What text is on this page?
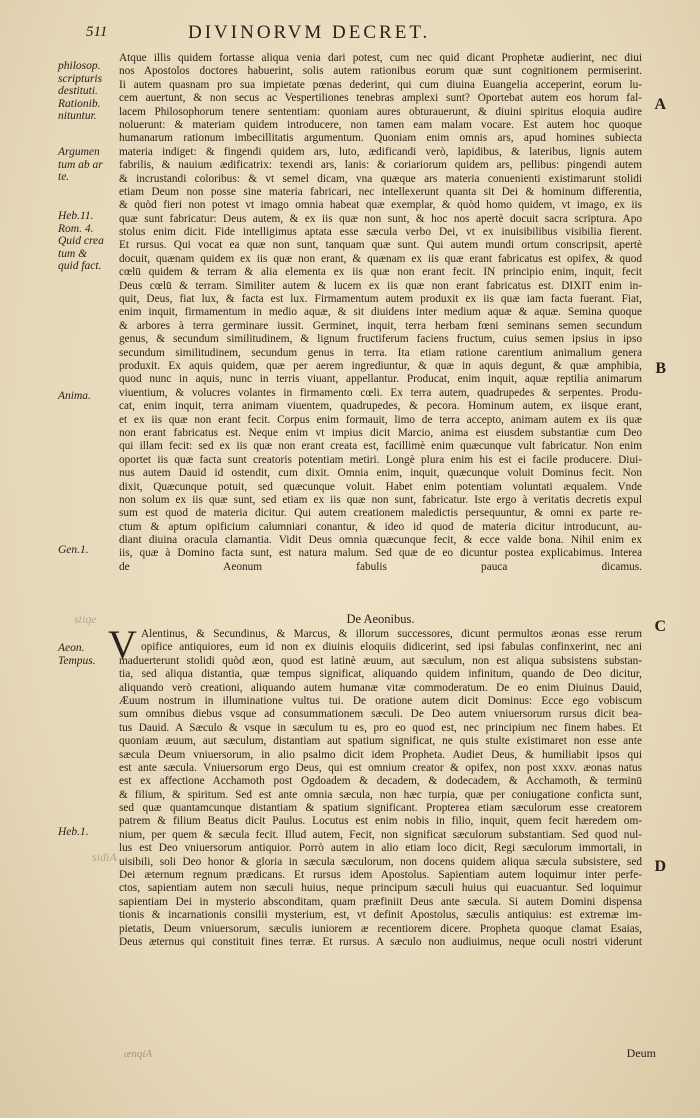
511	DIVINORVM DECRET.
philosop.
scripturis
destituti.
Rationib.
nituntur.
Argumen
tum ab ar
te.
Heb.11.
Rom. 4.
Quid crea
tum &
quid fact.
Anima.
Gen.1.
Aeon.
Tempus.
Heb.1.
A
B
C
D
stiqe
sidiA
Atque illis quidem fortasse aliqua venia dari potest, cum nec quid dicant Prophetæ audierint, nec diui
nos Apostolos doctores habuerint, solis autem rationibus eorum quæ sunt cognitionem permiserint.
Ii autem quasnam pro sua impietate pœnas dederint, qui cum diuina Euangelia acceperint, eorum lu-
cem auertunt, & non secus ac Vespertiliones tenebras amplexi sunt? Oportebat autem eos horum fal-
lacem Philosophorum tenere sententiam: quoniam aures obturauerunt, & diuini spiritus eloquia audire
noluerunt: & materiam quidem introducere, non tamen eam malam vocare. Est autem hoc quoque
humanarum rationum imbecillitatis argumentum. Quoniam enim omnis ars, apud homines subiecta
materia indiget: & fingendi quidem ars, luto, ædificandi verò, lapidibus, & lateribus, lignis autem
fabrilis, & nauium ædificatrix: texendi ars, lanis: & coriariorum quidem ars, pellibus: pingendi autem
& incrustandi coloribus: & vt semel dicam, vna quæque ars materia conuenienti existimarunt stolidi
etiam Deum non posse sine materia fabricari, nec intellexerunt quanta sit Dei & hominum differentia,
& quòd fieri non potest vt imago omnia habeat quæ exemplar, & quòd homo quidem, vt imago, ex iis
quæ sunt fabricatur: Deus autem, & ex iis quæ non sunt, & hoc nos apertè docuit sacra scriptura. Apo
stolus enim dicit. Fide intelligimus aptata esse sæcula verbo Dei, vt ex inuisibilibus visibilia fierent.
Et rursus. Qui vocat ea quæ non sunt, tanquam quæ sunt. Qui autem mundi ortum conscripsit, apertè
docuit, quænam quidem ex iis quæ non erant, & quænam ex iis quæ erant fabricatus est opifex, & quod
cœlū quidem & terram & alia elementa ex iis quæ non erant fecit. IN principio enim, inquit, fecit
Deus cœlū & terram. Similiter autem & lucem ex iis quæ non erant fabricatus est. DIXIT enim in-
quit, Deus, fiat lux, & facta est lux. Firmamentum autem produxit ex iis quæ iam facta fuerant. Fiat,
enim inquit, firmamentum in medio aquæ, & sit diuidens inter medium aquæ & aquæ. Semina quoque
& arbores à terra germinare iussit. Germinet, inquit, terra herbam fœni seminans semen secundum
genus, & secundum similitudinem, & lignum fructiferum faciens fructum, cuius semen ipsius in ipso
secundum similitudinem, secundum genus in terra. Ita etiam ratione carentium animalium genera
produxit. Ex aquis quidem, quæ per aerem ingrediuntur, & quæ in aquis degunt, & quæ amphibia,
quod nunc in aquis, nunc in terris viuant, appellantur. Producat, enim inquit, aquæ reptilia animarum
viuentium, & volucres volantes in firmamento cœli. Ex terra autem, quadrupedes & serpentes. Produ-
cat, enim inquit, terra animam viuentem, quadrupedes, & pecora. Hominum autem, ex iisque erant,
et ex iis quæ non erant fecit. Corpus enim formauit, limo de terra accepto, animam autem ex iis quæ
non erant fabricatus est. Neque enim vt impius dicit Marcio, anima est eiusdem substantiæ cum Deo
qui illam fecit: sed ex iis quæ non erant creata est, facillimè enim quæcunque vult fabricatur. Non enim
oportet iis quæ facta sunt creatoris potentiam metiri. Longè plura enim his est ei facile producere. Diui-
nus autem Dauid id ostendit, cum dixit. Omnia enim, inquit, quæcunque voluit Dominus fecit. Non
dixit, Quæcunque potuit, sed quæcunque voluit. Habet enim potentiam voluntati æqualem. Vnde
non solum ex iis quæ sunt, sed etiam ex iis quæ non sunt, fabricatur. Iste ergo à veritatis decretis expul
sum est quod de materia dicitur. Qui autem creationem maledictis persequuntur, & omni ex parte re-
ctum & aptum opificium calumniari conantur, & ideo id quod de materia dicitur introducunt, au-
diant diuina oracula clamantia. Vidit Deus omnia quæcunque fecit, & ecce valde bona. Nihil enim ex
iis, quæ à Domino facta sunt, est natura malum. Sed quæ de eo dicuntur postea explicabimus. Interea
de Aeonum fabulis pauca dicamus.
De Aeonibus.
V Alentinus, & Secundinus, & Marcus, & illorum successores, dicunt permultos æonas esse rerum
opifice antiquiores, eum id non ex diuinis eloquiis didicerint, sed ipsi fabulas confinxerint, nec ani
maduerterunt stolidi quòd æon, quod est latinè æuum, aut sæculum, non est aliqua subsistens substan-
tia, sed aliqua distantia, quæ tempus significat, aliquando quidem infinitum, quando de Deo dicitur,
aliquando verò creationi, aliquando autem humanæ vitæ commoderatum. De eo enim Diuinus Dauid,
Æuum nostrum in illuminatione vultus tui. De oratione autem dicit Dominus: Ecce ego vobiscum
sum omnibus diebus vsque ad consummationem sæculi. De Deo autem vniuersorum rursus dicit bea-
tus Dauid. A Sæculo & vsque in sæculum tu es, pro eo quod est, nec principium nec finem habes. Et
quoniam æuum, aut sæculum, distantiam aut spatium significat, ne quis stulte existimaret non esse ante
sæcula Deum vniuersorum, in alio psalmo dicit idem Propheta. Audiet Deus, & humiliabit ipsos qui
est ante sæcula. Vniuersorum ergo Deus, qui est omnium creator & opifex, non post xxxv. æonas natus
est ex affectione Acchamoth post Ogdoadem & decadem, & dodecadem, & Acchamoth, & terminū
& filium, & spiritum. Sed est ante omnia sæcula, non hæc turpia, quæ per coniugatione conficta sunt,
sed quæ quantamcunque distantiam & spatium significant. Propterea etiam sæculorum esse creatorem
patrem & filium Beatus dicit Paulus. Locutus est enim nobis in filio, inquit, quem fecit hæredem om-
nium, per quem & sæcula fecit. Illud autem, Fecit, non significat sæculorum substantiam. Sed quod nul-
lus est Deo vniuersorum antiquior. Porrò autem in alio etiam loco dicit, Regi sæculorum immortali, in
uisibili, soli Deo honor & gloria in sæcula sæculorum, non docens quidem aliqua sæcula subsistere, sed
Dei æternum regnum prædicans. Et rursus idem Apostolus. Sapientiam autem loquimur inter perfe-
ctos, sapientiam autem non sæculi huius, neque principum sæculi huius qui euacuantur. Sed loquimur
sapientiam Dei in mysterio absconditam, quam præfiniit Deus ante sæcula. Si autem Domini dispensa
tionis & incarnationis consilii mysterium, est, vt definit Apostolus, sæculis antiquius: est extremæ im-
pietatis, Deum vniuersorum, sæculis iuniorem æ recentiorem dicere. Propheta quoque clamat Esaias,
Deus æternus qui constituit fines terræ. Et rursus. A sæculo non audiuimus, neque oculi nostri viderunt
ænqiA	Deum
